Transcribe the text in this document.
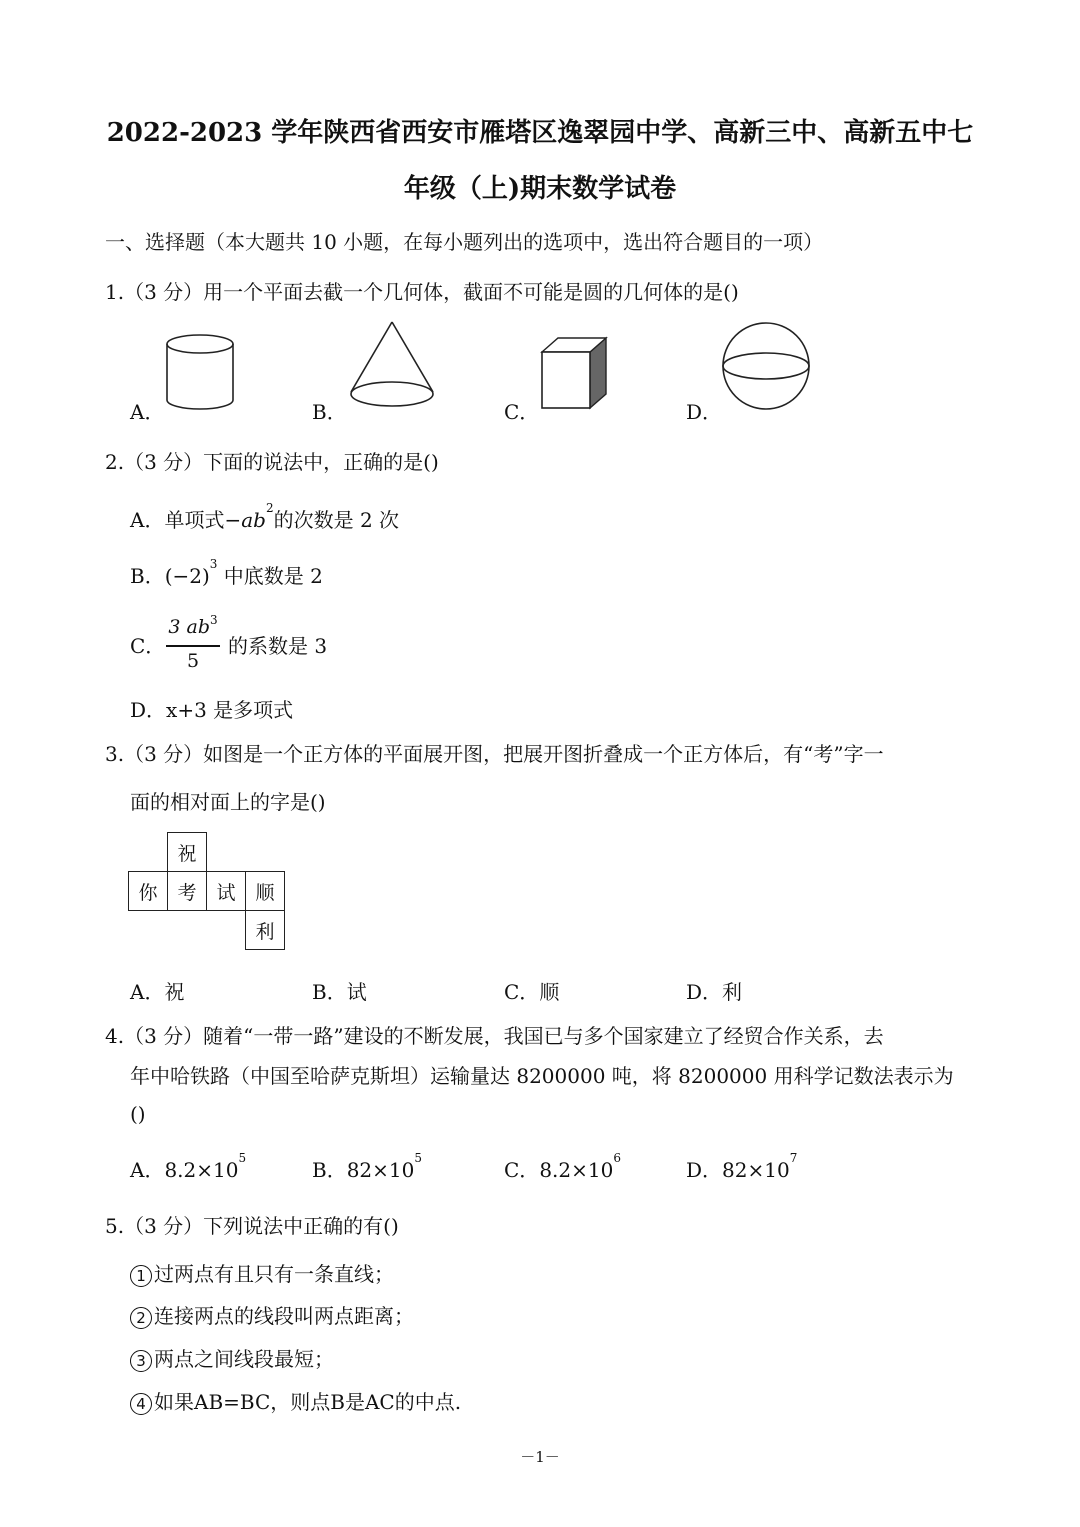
2022-2023 学年陕西省西安市雁塔区逸翠园中学、高新三中、高新五中七
年级（上)期末数学试卷
一、选择题（本大题共 10 小题，在每小题列出的选项中，选出符合题目的一项）
1.（3 分）用一个平面去截一个几何体，截面不可能是圆的几何体的是()
A．	B．	C．	D．
2.（3 分）下面的说法中，正确的是()
A．单项式$-ab^2$的次数是 2 次
B．$(-2)^3$ 中底数是 2
C．
3 $ab^3$
5
的系数是 3
D．x+3 是多项式
3.（3 分）如图是一个正方体的平面展开图，把展开图折叠成一个正方体后，有“考”字一
面的相对面上的字是()
	祝		
你	考	试	顺
			利
A．祝	B．试	C．顺	D．利
4.（3 分）随着“一带一路”建设的不断发展，我国已与多个国家建立了经贸合作关系，去
年中哈铁路（中国至哈萨克斯坦）运输量达 8200000 吨，将 8200000 用科学记数法表示为
()
A．$8.2\times 10^5$	B．$82\times 10^5$	C．$8.2\times 10^6$	D．$82\times 10^7$
5.（3 分）下列说法中正确的有()
1 过两点有且只有一条直线；
2 连接两点的线段叫两点距离；
3 两点之间线段最短；
4 如果AB=BC，则点B是AC的中点.
－1－
